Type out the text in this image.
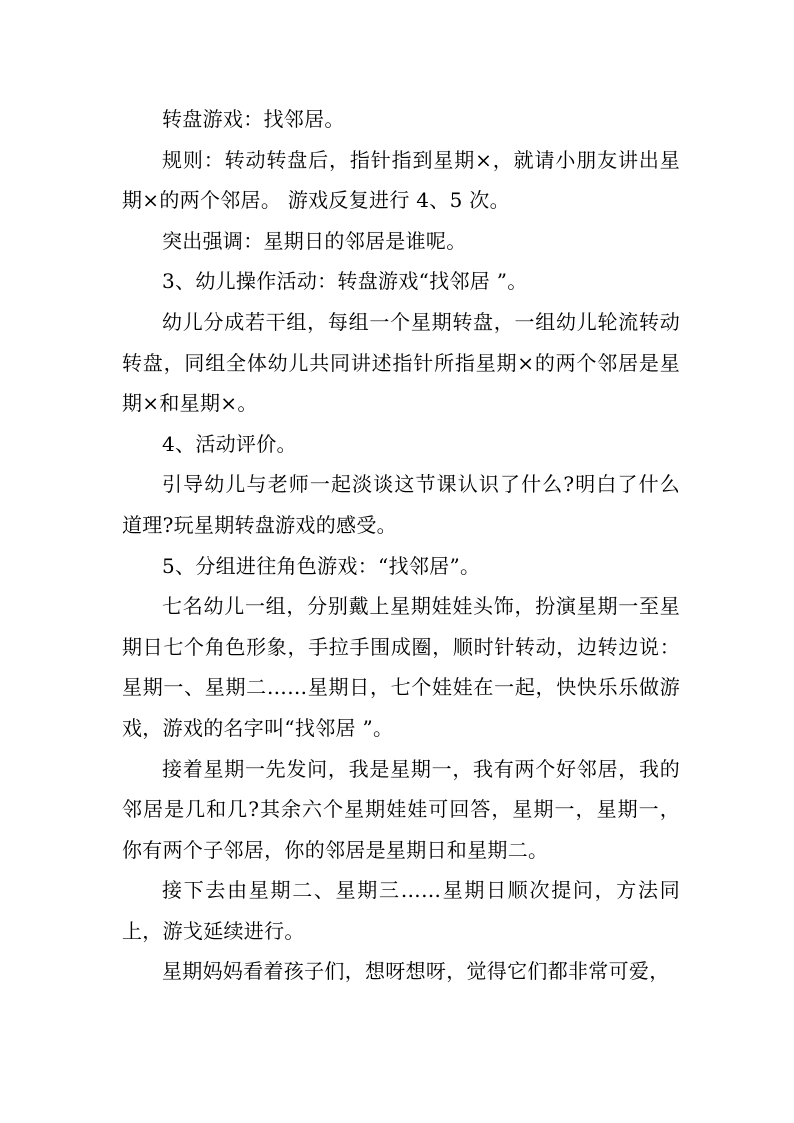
转盘游戏：找邻居。

规则：转动转盘后，指针指到星期×，就请小朋友讲出星期×的两个邻居。 游戏反复进行 4、5 次。

突出强调：星期日的邻居是谁呢。

3、幼儿操作活动：转盘游戏“找邻居 ”。

幼儿分成若干组，每组一个星期转盘，一组幼儿轮流转动转盘，同组全体幼儿共同讲述指针所指星期×的两个邻居是星期×和星期×。

4、活动评价。

引导幼儿与老师一起淡谈这节课认识了什么?明白了什么道理?玩星期转盘游戏的感受。

5、分组进往角色游戏：“找邻居”。

七名幼儿一组，分别戴上星期娃娃头饰，扮演星期一至星期日七个角色形象，手拉手围成圈，顺时针转动，边转边说：星期一、星期二……星期日，七个娃娃在一起，快快乐乐做游戏，游戏的名字叫“找邻居 ”。

接着星期一先发问，我是星期一，我有两个好邻居，我的邻居是几和几?其余六个星期娃娃可回答，星期一，星期一，你有两个子邻居，你的邻居是星期日和星期二。

接下去由星期二、星期三……星期日顺次提问，方法同上，游戈延续进行。

星期妈妈看着孩子们，想呀想呀，觉得它们都非常可爱，
